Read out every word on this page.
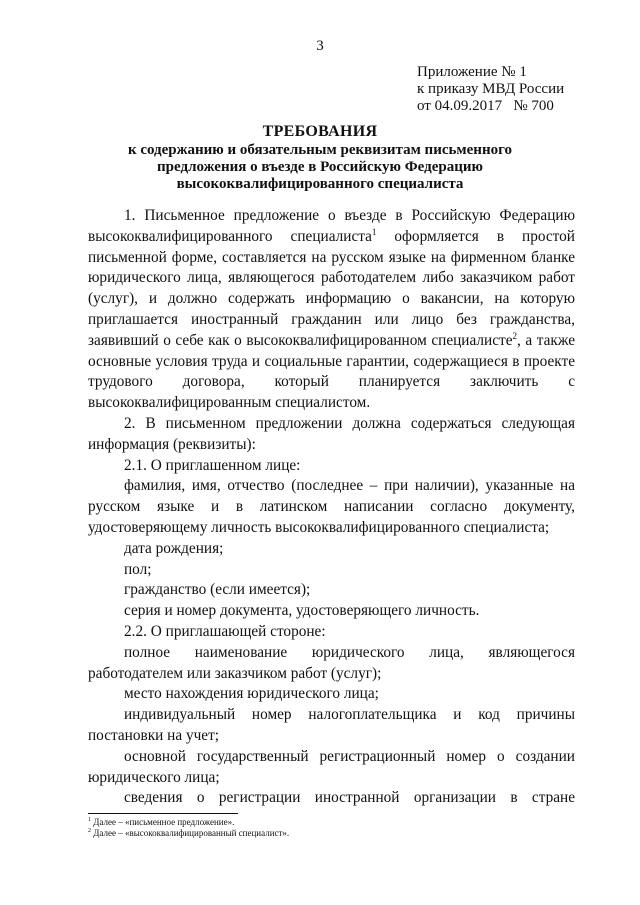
3
Приложение № 1
к приказу МВД России
от 04.09.2017   № 700
ТРЕБОВАНИЯ
к содержанию и обязательным реквизитам письменного
предложения о въезде в Российскую Федерацию
высококвалифицированного специалиста

1. Письменное предложение о въезде в Российскую Федерацию высококвалифицированного специалиста$^1$ оформляется в простой письменной форме, составляется на русском языке на фирменном бланке юридического лица, являющегося работодателем либо заказчиком работ (услуг), и должно содержать информацию о вакансии, на которую приглашается иностранный гражданин или лицо без гражданства, заявивший о себе как о высококвалифицированном специалисте$^2$, а также основные условия труда и социальные гарантии, содержащиеся в проекте трудового договора, который планируется заключить с высококвалифицированным специалистом.

2. В письменном предложении должна содержаться следующая информация (реквизиты):

2.1. О приглашенном лице:

фамилия, имя, отчество (последнее – при наличии), указанные на русском языке и в латинском написании согласно документу, удостоверяющему личность высококвалифицированного специалиста;

дата рождения;

пол;

гражданство (если имеется);

серия и номер документа, удостоверяющего личность.

2.2. О приглашающей стороне:

полное наименование юридического лица, являющегося работодателем или заказчиком работ (услуг);

место нахождения юридического лица;

индивидуальный номер налогоплательщика и код причины постановки на учет;

основной государственный регистрационный номер о создании юридического лица;

сведения о регистрации иностранной организации в стране

$^1$ Далее – «письменное предложение».
$^2$ Далее – «высококвалифицированный специалист».
